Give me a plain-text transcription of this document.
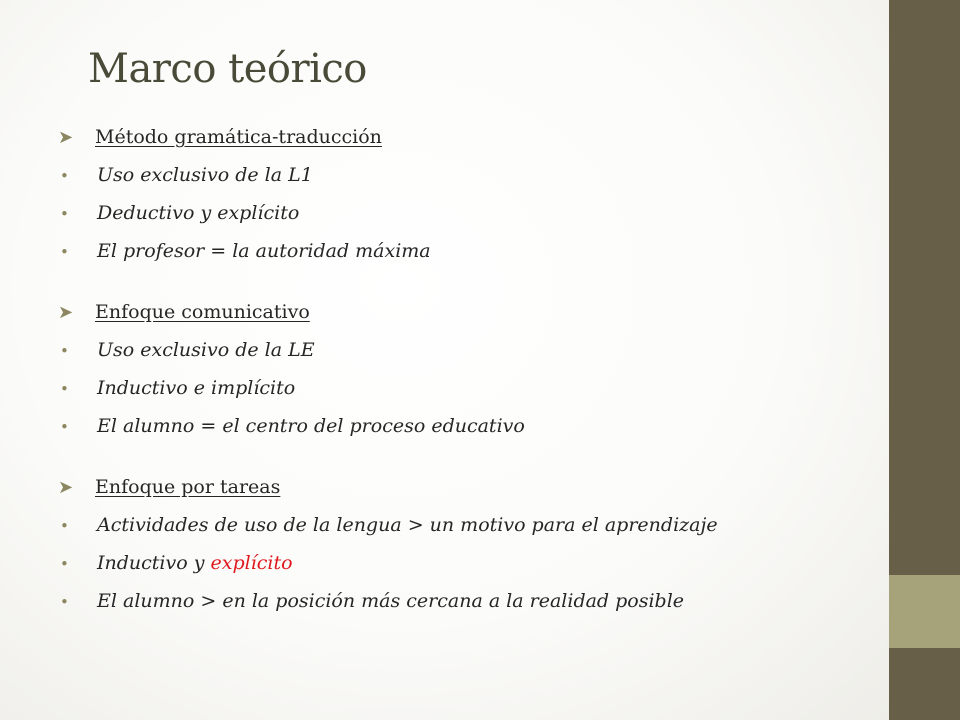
Marco teórico
➤	Método gramática-traducción
•	Uso exclusivo de la L1
•	Deductivo y explícito
•	El profesor = la autoridad máxima
➤	Enfoque comunicativo
•	Uso exclusivo de la LE
•	Inductivo e implícito
•	El alumno = el centro del proceso educativo
➤	Enfoque por tareas
•	Actividades de uso de la lengua > un motivo para el aprendizaje
•	Inductivo y explícito
•	El alumno > en la posición más cercana a la realidad posible
